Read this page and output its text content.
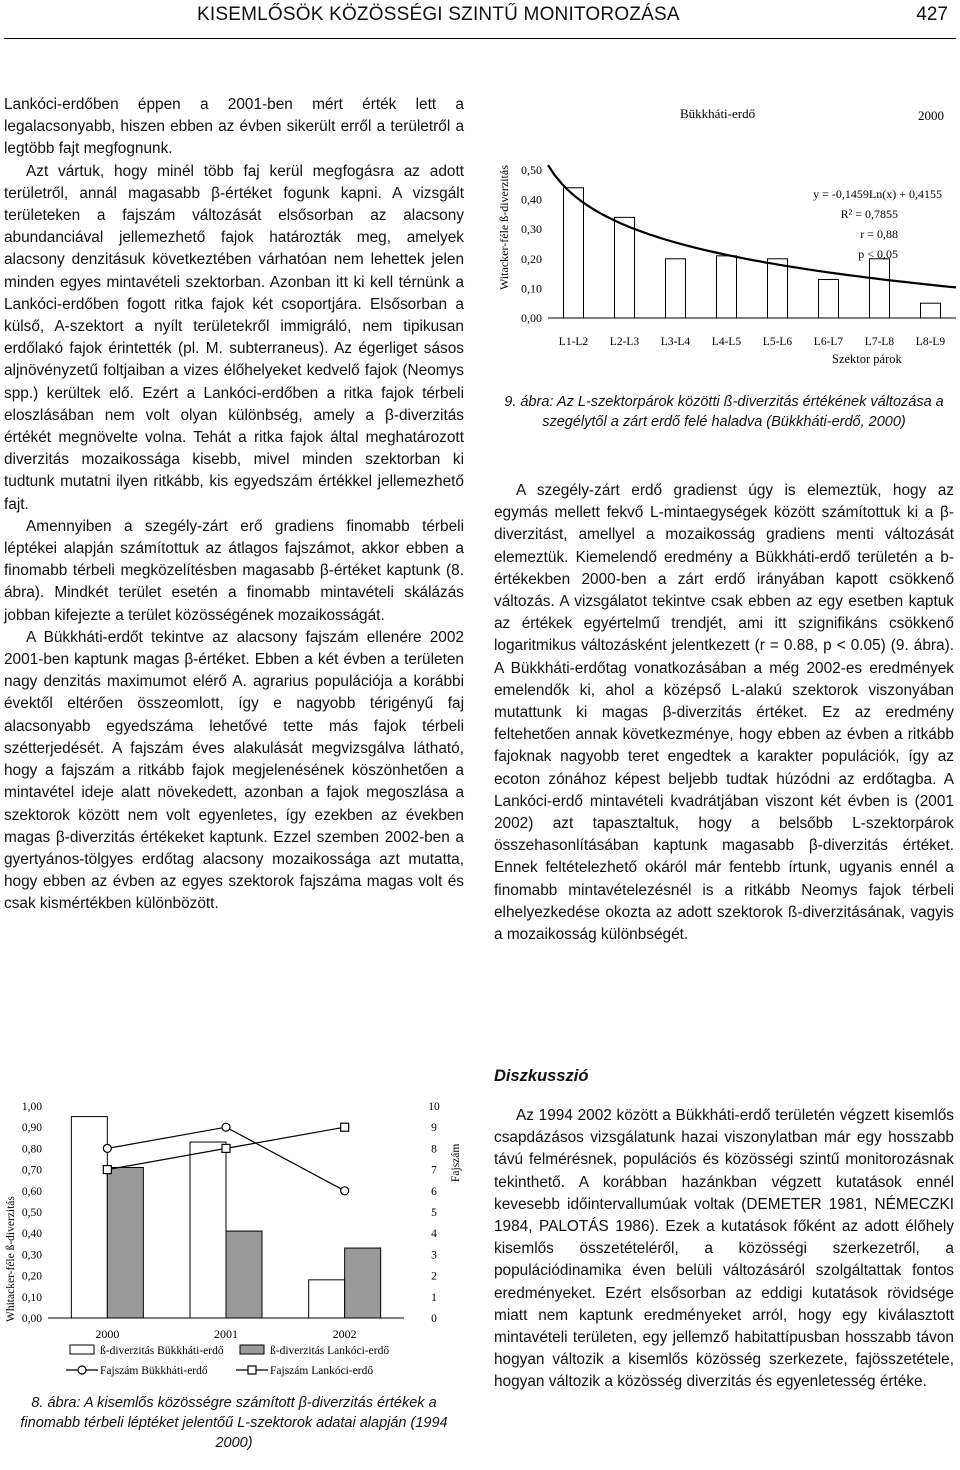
KISEMLŐSÖK KÖZÖSSÉGI SZINTŰ MONITOROZÁSA	427

Lankóci-erdőben éppen a 2001-ben mért érték lett a legalacsonyabb, hiszen ebben az évben sikerült erről a területről a legtöbb fajt megfognunk.

Azt vártuk, hogy minél több faj kerül megfogásra az adott területről, annál magasabb β-értéket fogunk kapni. A vizsgált területeken a fajszám változását elsősorban az alacsony abundanciával jellemezhető fajok határozták meg, amelyek alacsony denzitásuk következtében várhatóan nem lehettek jelen minden egyes mintavételi szektorban. Azonban itt ki kell térnünk a Lankóci-erdőben fogott ritka fajok két csoportjára. Elsősorban a külső, A-szektort a nyílt területekről immigráló, nem tipikusan erdőlakó fajok érintették (pl. M. subterraneus). Az égerliget sásos aljnövényzetű foltjaiban a vizes élőhelyeket kedvelő fajok (Neomys spp.) kerültek elő. Ezért a Lankóci-erdőben a ritka fajok térbeli eloszlásában nem volt olyan különbség, amely a β-diverzitás értékét megnövelte volna. Tehát a ritka fajok által meghatározott diverzitás mozaikossága kisebb, mivel minden szektorban ki tudtunk mutatni ilyen ritkább, kis egyedszám értékkel jellemezhető fajt.

Amennyiben a szegély-zárt erő gradiens finomabb térbeli léptékei alapján számítottuk az átlagos fajszámot, akkor ebben a finomabb térbeli megközelítésben magasabb β-értéket kaptunk (8. ábra). Mindkét terület esetén a finomabb mintavételi skálázás jobban kifejezte a terület közösségének mozaikosságát.

A Bükkháti-erdőt tekintve az alacsony fajszám ellenére 2002 2001-ben kaptunk magas β-értéket. Ebben a két évben a területen nagy denzitás maximumot elérő A. agrarius populációja a korábbi évektől eltérően összeomlott, így e nagyobb térigényű faj alacsonyabb egyedszáma lehetővé tette más fajok térbeli szétterjedését. A fajszám éves alakulását megvizsgálva látható, hogy a fajszám a ritkább fajok megjelenésének köszönhetően a mintavétel ideje alatt növekedett, azonban a fajok megoszlása a szektorok között nem volt egyenletes, így ezekben az években magas β-diverzitás értékeket kaptunk. Ezzel szemben 2002-ben a gyertyános-tölgyes erdőtag alacsony mozaikossága azt mutatta, hogy ebben az évben az egyes szektorok fajszáma magas volt és csak kismértékben különbözött.

Bükkháti-erdő	2000
Witacker-féle ß-diverzitás
0,00
0,10
0,20
0,30
0,40
0,50
L1-L2 L2-L3 L3-L4 L4-L5 L5-L6 L6-L7 L7-L8 L8-L9
Szektor párok
y = -0,1459Ln(x) + 0,4155
R² = 0,7855
r = 0,88
p < 0,05
9. ábra: Az L-szektorpárok közötti ß-diverzitás értékének változása a szegélytől a zárt erdő felé haladva (Bükkháti-erdő, 2000)

A szegély-zárt erdő gradienst úgy is elemeztük, hogy az egymás mellett fekvő L-mintaegységek között számítottuk ki a β-diverzitást, amellyel a mozaikosság gradiens menti változását elemeztük. Kiemelendő eredmény a Bükkháti-erdő területén a b-értékekben 2000-ben a zárt erdő irányában kapott csökkenő változás. A vizsgálatot tekintve csak ebben az egy esetben kaptuk az értékek egyértelmű trendjét, ami itt szignifikáns csökkenő logaritmikus változásként jelentkezett (r = 0.88, p < 0.05) (9. ábra). A Bükkháti-erdőtag vonatkozásában a még 2002-es eredmények emelendők ki, ahol a középső L-alakú szektorok viszonyában mutattunk ki magas β-diverzitás értéket. Ez az eredmény feltehetően annak következménye, hogy ebben az évben a ritkább fajoknak nagyobb teret engedtek a karakter populációk, így az ecoton zónához képest beljebb tudtak húzódni az erdőtagba. A Lankóci-erdő mintavételi kvadrátjában viszont két évben is (2001 2002) azt tapasztaltuk, hogy a belsőbb L-szektorpárok összehasonlításában kaptunk magasabb β-diverzitás értéket. Ennek feltételezhető okáról már fentebb írtunk, ugyanis ennél a finomabb mintavételezésnél is a ritkább Neomys fajok térbeli elhelyezkedése okozta az adott szektorok ß-diverzitásának, vagyis a mozaikosság különbségét.

Diszkusszió

Az 1994 2002 között a Bükkháti-erdő területén végzett kisemlős csapdázásos vizsgálatunk hazai viszonylatban már egy hosszabb távú felmérésnek, populációs és közösségi szintű monitorozásnak tekinthető. A korábban hazánkban végzett kutatások ennél kevesebb időintervallumúak voltak (DEMETER 1981, NÉMECZKI 1984, PALOTÁS 1986). Ezek a kutatások főként az adott élőhely kisemlős összetételéről, a közösségi szerkezetről, a populációdinamika éven belüli változásáról szolgáltattak fontos eredményeket. Ezért elsősorban az eddigi kutatások rövidsége miatt nem kaptunk eredményeket arról, hogy egy kiválasztott mintavételi területen, egy jellemző habitattípusban hosszabb távon hogyan változik a kisemlős közösség szerkezete, fajösszetétele, hogyan változik a közösség diverzitás és egyenletesség értéke.

Whitacker-féle ß-diverzitás
Fajszám
0,00
0,10
0,20
0,30
0,40
0,50
0,60
0,70
0,80
0,90
1,00
0
1
2
3
4
5
6
7
8
9
10
2000	2001	2002
ß-diverzitás Bükkháti-erdő	ß-diverzitás Lankóci-erdő
Fajszám Bükkháti-erdő	Fajszám Lankóci-erdő
8. ábra: A kisemlős közösségre számított β-diverzitás értékek a finomabb térbeli léptéket jelentőű L-szektorok adatai alapján (1994 2000)
